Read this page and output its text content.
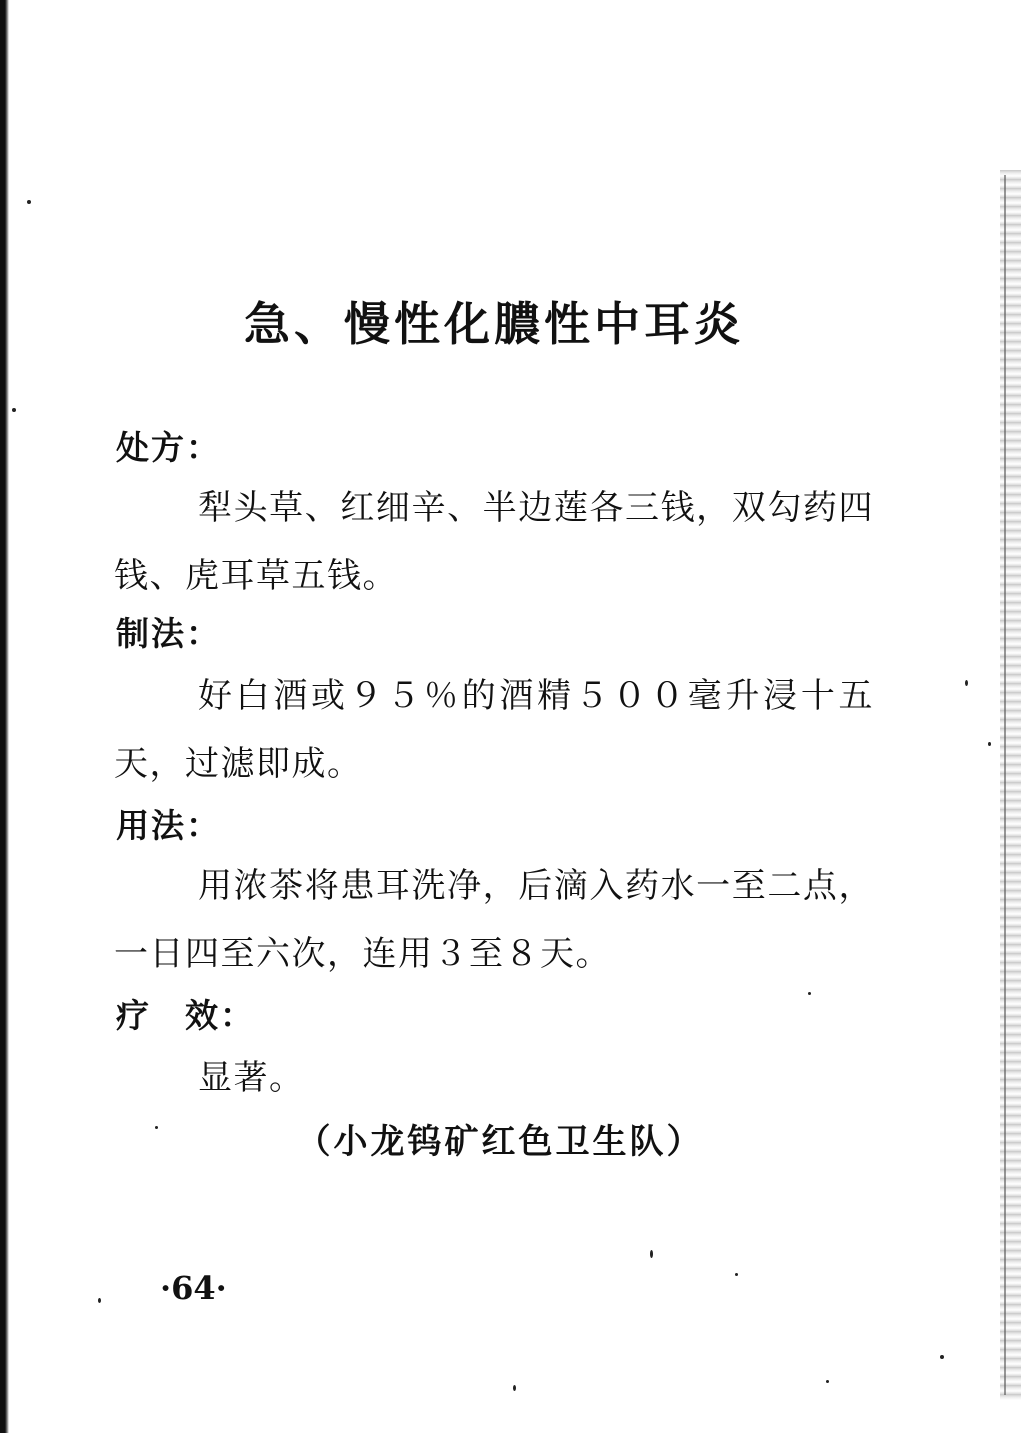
急、慢性化膿性中耳炎
处方：

犁头草、红细辛、半边莲各三钱，双勾药四钱、虎耳草五钱。

制法：

好白酒或９５％的酒精５００毫升浸十五天，过滤即成。

用法：

用浓茶将患耳洗净，后滴入药水一至二点，一日四至六次，连用３至８天。

疗效：

显著。

（小龙钨矿红色卫生队）
·64·
